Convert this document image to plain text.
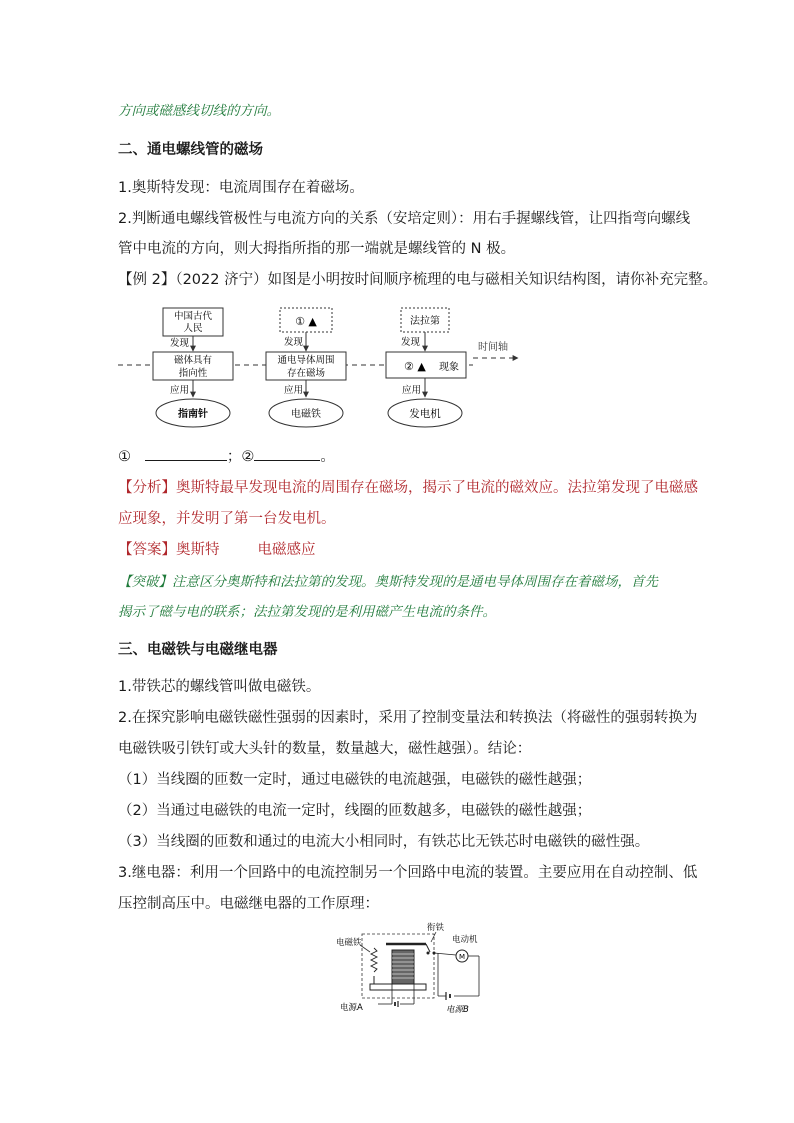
方向或磁感线切线的方向。
二、通电螺线管的磁场
1.奥斯特发现：电流周围存在着磁场。
2.判断通电螺线管极性与电流方向的关系（安培定则）：用右手握螺线管，让四指弯向螺线
管中电流的方向，则大拇指所指的那一端就是螺线管的 N 极。
【例 2】（2022 济宁）如图是小明按时间顺序梳理的电与磁相关知识结构图，请你补充完整。
时间轴
中国古代
人民
① ▲	法拉第
发现	发现	发现
磁体具有
指向性
通电导体周围
存在磁场
② ▲ 现象
应用	应用	应用
指南针	电磁铁	发电机
①	；②	。
【分析】奥斯特最早发现电流的周围存在磁场，揭示了电流的磁效应。法拉第发现了电磁感
应现象，并发明了第一台发电机。
【答案】奥斯特	电磁感应
【突破】注意区分奥斯特和法拉第的发现。奥斯特发现的是通电导体周围存在着磁场，首先
揭示了磁与电的联系；法拉第发现的是利用磁产生电流的条件。
三、电磁铁与电磁继电器
1.带铁芯的螺线管叫做电磁铁。
2.在探究影响电磁铁磁性强弱的因素时，采用了控制变量法和转换法（将磁性的强弱转换为
电磁铁吸引铁钉或大头针的数量，数量越大，磁性越强）。结论：
（1）当线圈的匝数一定时，通过电磁铁的电流越强，电磁铁的磁性越强；
（2）当通过电磁铁的电流一定时，线圈的匝数越多，电磁铁的磁性越强；
（3）当线圈的匝数和通过的电流大小相同时，有铁芯比无铁芯时电磁铁的磁性强。
3.继电器：利用一个回路中的电流控制另一个回路中电流的装置。主要应用在自动控制、低
压控制高压中。电磁继电器的工作原理：
衔铁
电磁铁	电动机
M
电源A	电源B
